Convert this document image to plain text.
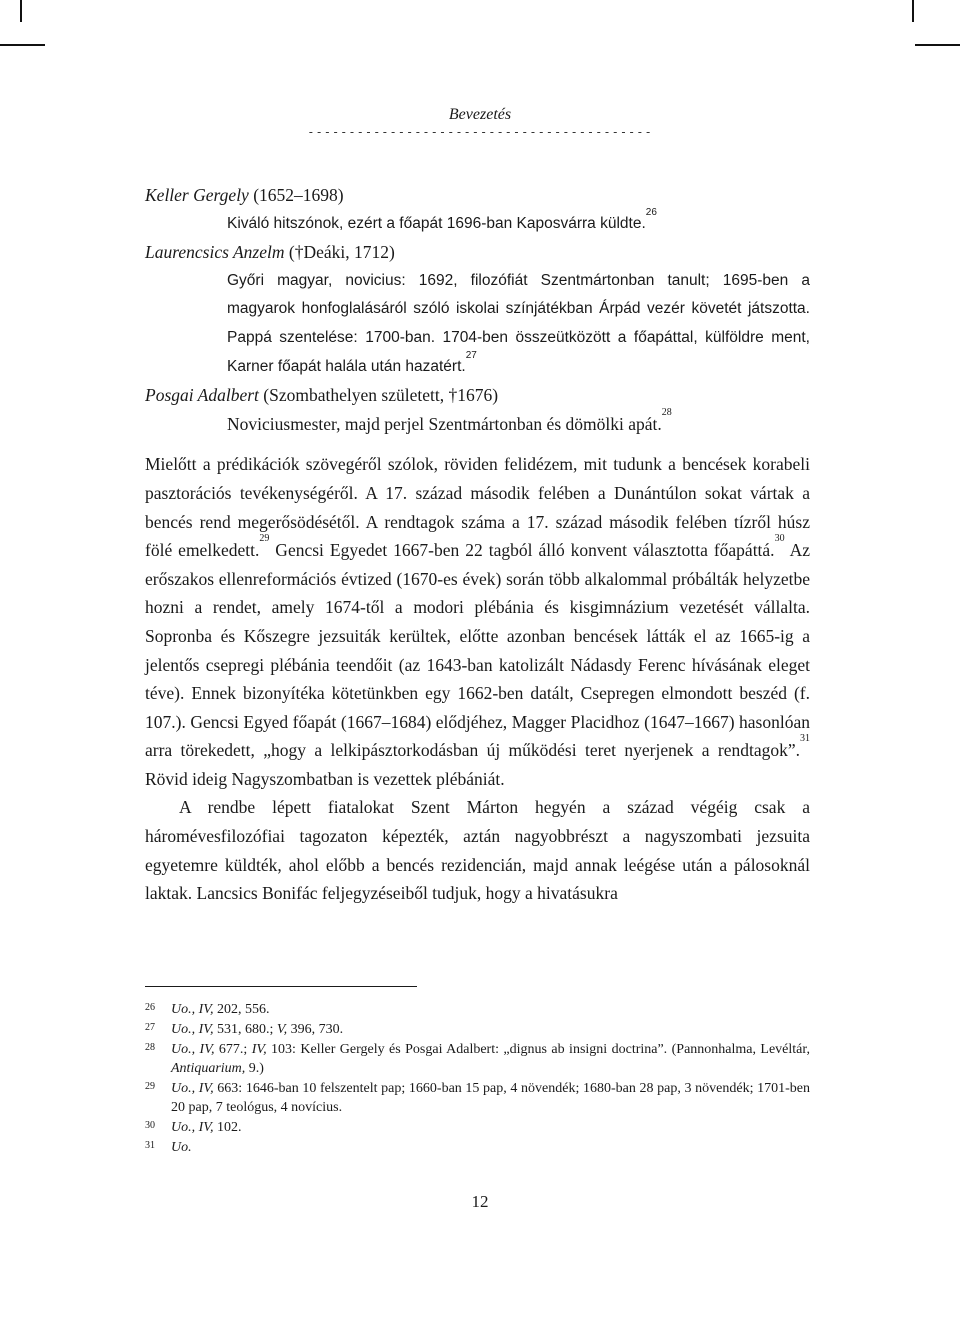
Bevezetés
------------------------------------------

Keller Gergely (1652–1698)

Kiváló hitszónok, ezért a főapát 1696-ban Kaposvárra küldte.$^{26}$

Laurencsics Anzelm (†Deáki, 1712)

Győri magyar, novicius: 1692, filozófiát Szentmártonban tanult; 1695-ben a magyarok honfoglalásáról szóló iskolai színjátékban Árpád vezér követét játszotta. Pappá szentelése: 1700-ban. 1704-ben összeütközött a főapáttal, külföldre ment, Karner főapát halála után hazatért.$^{27}$

Posgai Adalbert (Szombathelyen született, †1676)

Noviciusmester, majd perjel Szentmártonban és dömölki apát.$^{28}$

Mielőtt a prédikációk szövegéről szólok, röviden felidézem, mit tudunk a bencések korabeli pasztorációs tevékenységéről. A 17. század második felében a Dunántúlon sokat vártak a bencés rend megerősödésétől. A rendtagok száma a 17. század második felében tízről húsz fölé emelkedett.$^{29}$ Gencsi Egyedet 1667-ben 22 tagból álló konvent választotta főapáttá.$^{30}$ Az erőszakos ellenreformációs évtized (1670-es évek) során több alkalommal próbálták helyzetbe hozni a rendet, amely 1674-től a modori plébánia és kisgimnázium vezetését vállalta. Sopronba és Kőszegre jezsuiták kerültek, előtte azonban bencések látták el az 1665-ig a jelentős csepregi plébánia teendőit (az 1643-ban katolizált Nádasdy Ferenc hívásának eleget téve). Ennek bizonyítéka kötetünkben egy 1662-ben datált, Csepregen elmondott beszéd (f. 107.). Gencsi Egyed főapát (1667–1684) elődjéhez, Magger Placidhoz (1647–1667) hasonlóan arra törekedett, „hogy a lelkipásztorkodásban új működési teret nyerjenek a rendtagok”.$^{31}$ Rövid ideig Nagyszombatban is vezettek plébániát.

A rendbe lépett fiatalokat Szent Márton hegyén a század végéig csak a háromévesfilozófiai tagozaton képezték, aztán nagyobbrészt a nagyszombati jezsuita egyetemre küldték, ahol előbb a bencés rezidencián, majd annak leégése után a pálosoknál laktak. Lancsics Bonifác feljegyzéseiből tudjuk, hogy a hivatásukra

26	Uo., IV, 202, 556.
27	Uo., IV, 531, 680.; V, 396, 730.
28	Uo., IV, 677.; IV, 103: Keller Gergely és Posgai Adalbert: „dignus ab insigni doctrina”. (Pannonhalma, Levéltár, Antiquarium, 9.)
29	Uo., IV, 663: 1646-ban 10 felszentelt pap; 1660-ban 15 pap, 4 növendék; 1680-ban 28 pap, 3 növendék; 1701-ben 20 pap, 7 teológus, 4 novícius.
30	Uo., IV, 102.
31	Uo.
12
